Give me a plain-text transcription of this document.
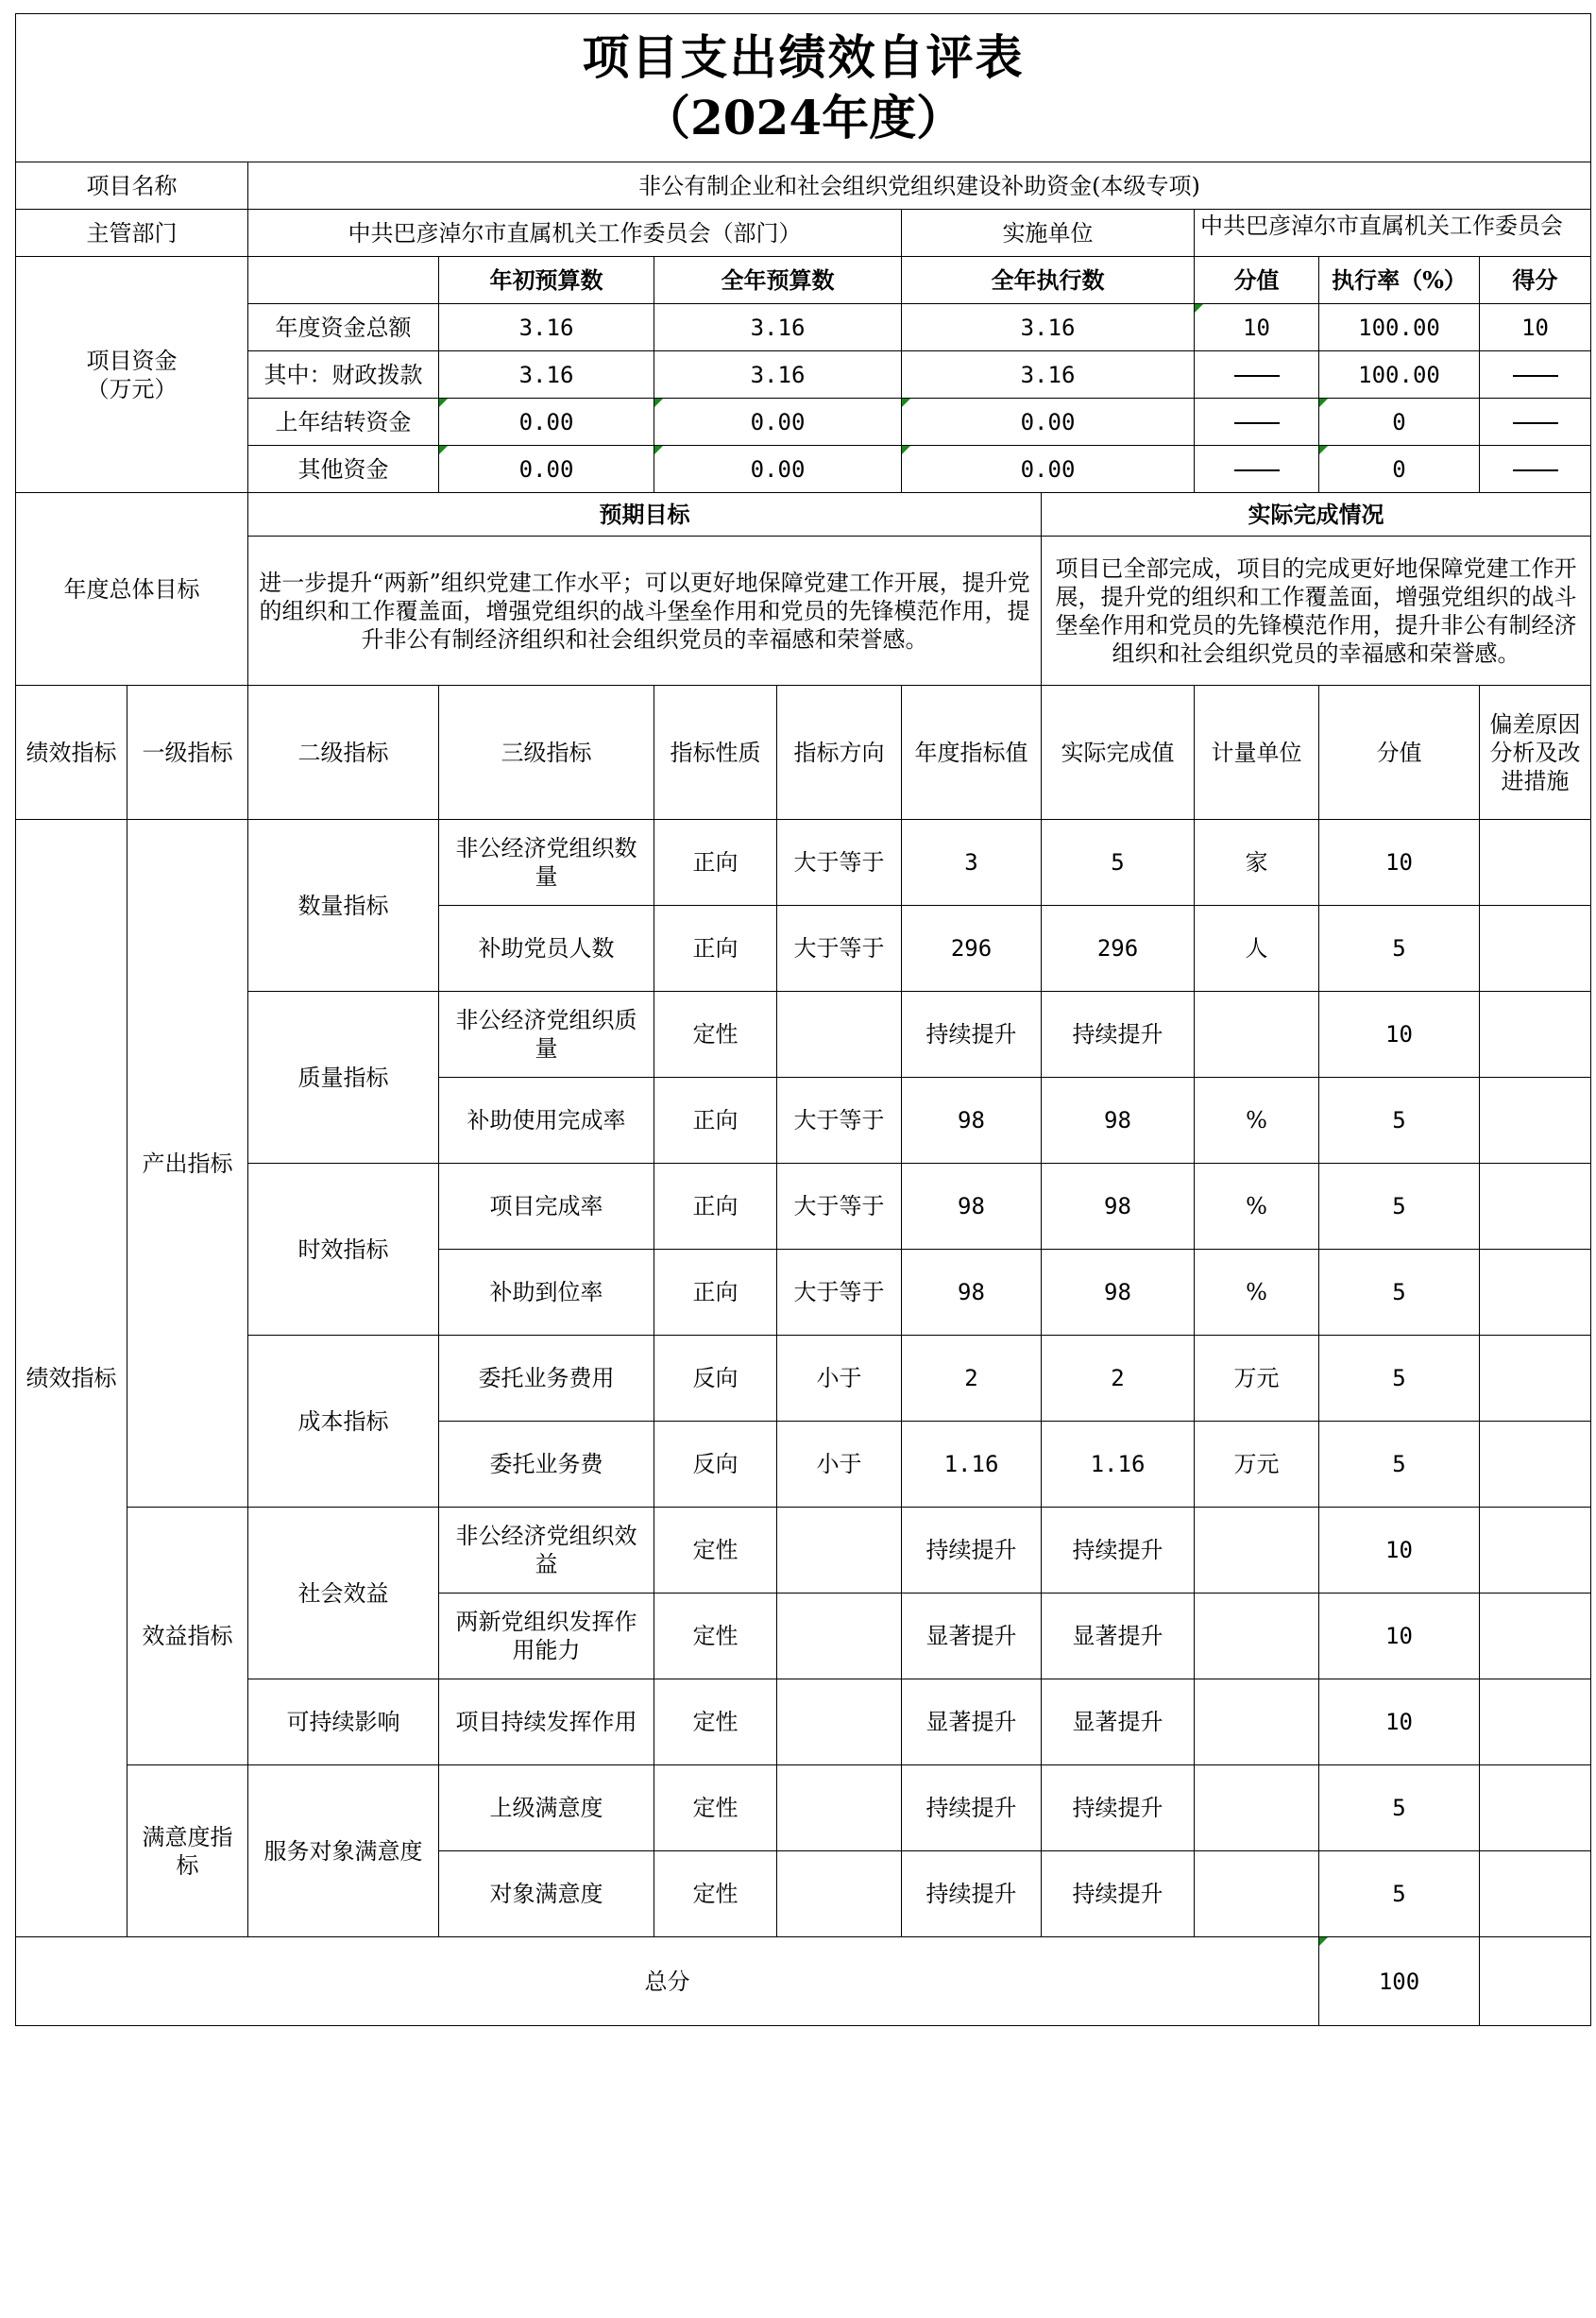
项目支出绩效自评表
（2024年度）										

项目名称		非公有制企业和社会组织党组织建设补助资金(本级专项)								
主管部门		中共巴彦淖尔市直属机关工作委员会（部门）				实施单位		中共巴彦淖尔市直属机关工作委员会		

项目资金
（万元）			年初预算数	全年预算数		全年执行数		分值	执行率（%）	得分
		年度资金总额	3.16	3.16		3.16		10	100.00	10
		其中：财政拨款	3.16	3.16		3.16			100.00	
		上年结转资金	0.00	0.00		0.00			0	
		其他资金	0.00	0.00		0.00			0	
年度总体目标		预期目标					实际完成情况			
		进一步提升“两新”组织党建工作水平；可以更好地保障党建工作开展，提升党的组织和工作覆盖面，增强党组织的战斗堡垒作用和党员的先锋模范作用，提升非公有制经济组织和社会组织党员的幸福感和荣誉感。					项目已全部完成，项目的完成更好地保障党建工作开展，提升党的组织和工作覆盖面，增强党组织的战斗堡垒作用和党员的先锋模范作用，提升非公有制经济组织和社会组织党员的幸福感和荣誉感。			
绩效指标	一级指标	二级指标	三级指标	指标性质	指标方向	年度指标值	实际完成值	计量单位	分值	偏差原因分析及改进措施
绩效指标	产出指标	数量指标	非公经济党组织数量	正向	大于等于	3	5	家	10	
			补助党员人数	正向	大于等于	296	296	人	5	
		质量指标	非公经济党组织质量	定性		持续提升	持续提升		10	
			补助使用完成率	正向	大于等于	98	98	%	5	
		时效指标	项目完成率	正向	大于等于	98	98	%	5	
			补助到位率	正向	大于等于	98	98	%	5	
		成本指标	委托业务费用	反向	小于	2	2	万元	5	
			委托业务费	反向	小于	1.16	1.16	万元	5	
	效益指标	社会效益	非公经济党组织效益	定性		持续提升	持续提升		10	
			两新党组织发挥作用能力	定性		显著提升	显著提升		10	
		可持续影响	项目持续发挥作用	定性		显著提升	显著提升		10	
	满意度指标	服务对象满意度	上级满意度	定性		持续提升	持续提升		5	
			对象满意度	定性		持续提升	持续提升		5	
总分									100	
